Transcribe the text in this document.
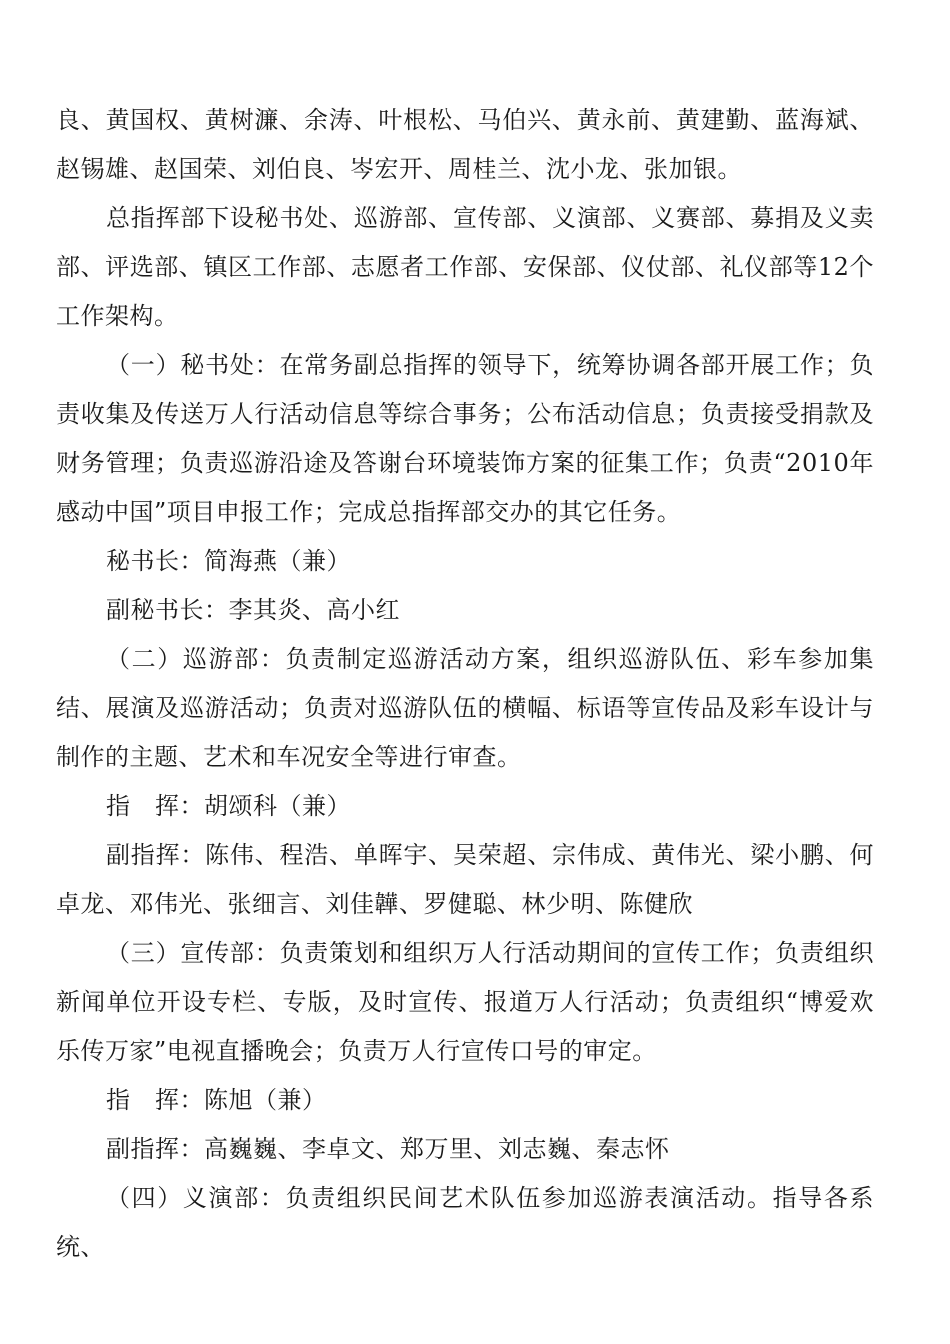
良、黄国权、黄树濂、余涛、叶根松、马伯兴、黄永前、黄建勤、蓝海斌、赵锡雄、赵国荣、刘伯良、岑宏开、周桂兰、沈小龙、张加银。

总指挥部下设秘书处、巡游部、宣传部、义演部、义赛部、募捐及义卖部、评选部、镇区工作部、志愿者工作部、安保部、仪仗部、礼仪部等12个工作架构。

（一）秘书处：在常务副总指挥的领导下，统筹协调各部开展工作；负责收集及传送万人行活动信息等综合事务；公布活动信息；负责接受捐款及财务管理；负责巡游沿途及答谢台环境装饰方案的征集工作；负责“2010年感动中国”项目申报工作；完成总指挥部交办的其它任务。

秘书长：简海燕（兼）

副秘书长：李其炎、高小红

（二）巡游部：负责制定巡游活动方案，组织巡游队伍、彩车参加集结、展演及巡游活动；负责对巡游队伍的横幅、标语等宣传品及彩车设计与制作的主题、艺术和车况安全等进行审查。

指　挥：胡颂科（兼）

副指挥：陈伟、程浩、单晖宇、吴荣超、宗伟成、黄伟光、梁小鹏、何卓龙、邓伟光、张细言、刘佳韡、罗健聪、林少明、陈健欣

（三）宣传部：负责策划和组织万人行活动期间的宣传工作；负责组织新闻单位开设专栏、专版，及时宣传、报道万人行活动；负责组织“博爱欢乐传万家”电视直播晚会；负责万人行宣传口号的审定。

指　挥：陈旭（兼）

副指挥：高巍巍、李卓文、郑万里、刘志巍、秦志怀

（四）义演部：负责组织民间艺术队伍参加巡游表演活动。指导各系统、
